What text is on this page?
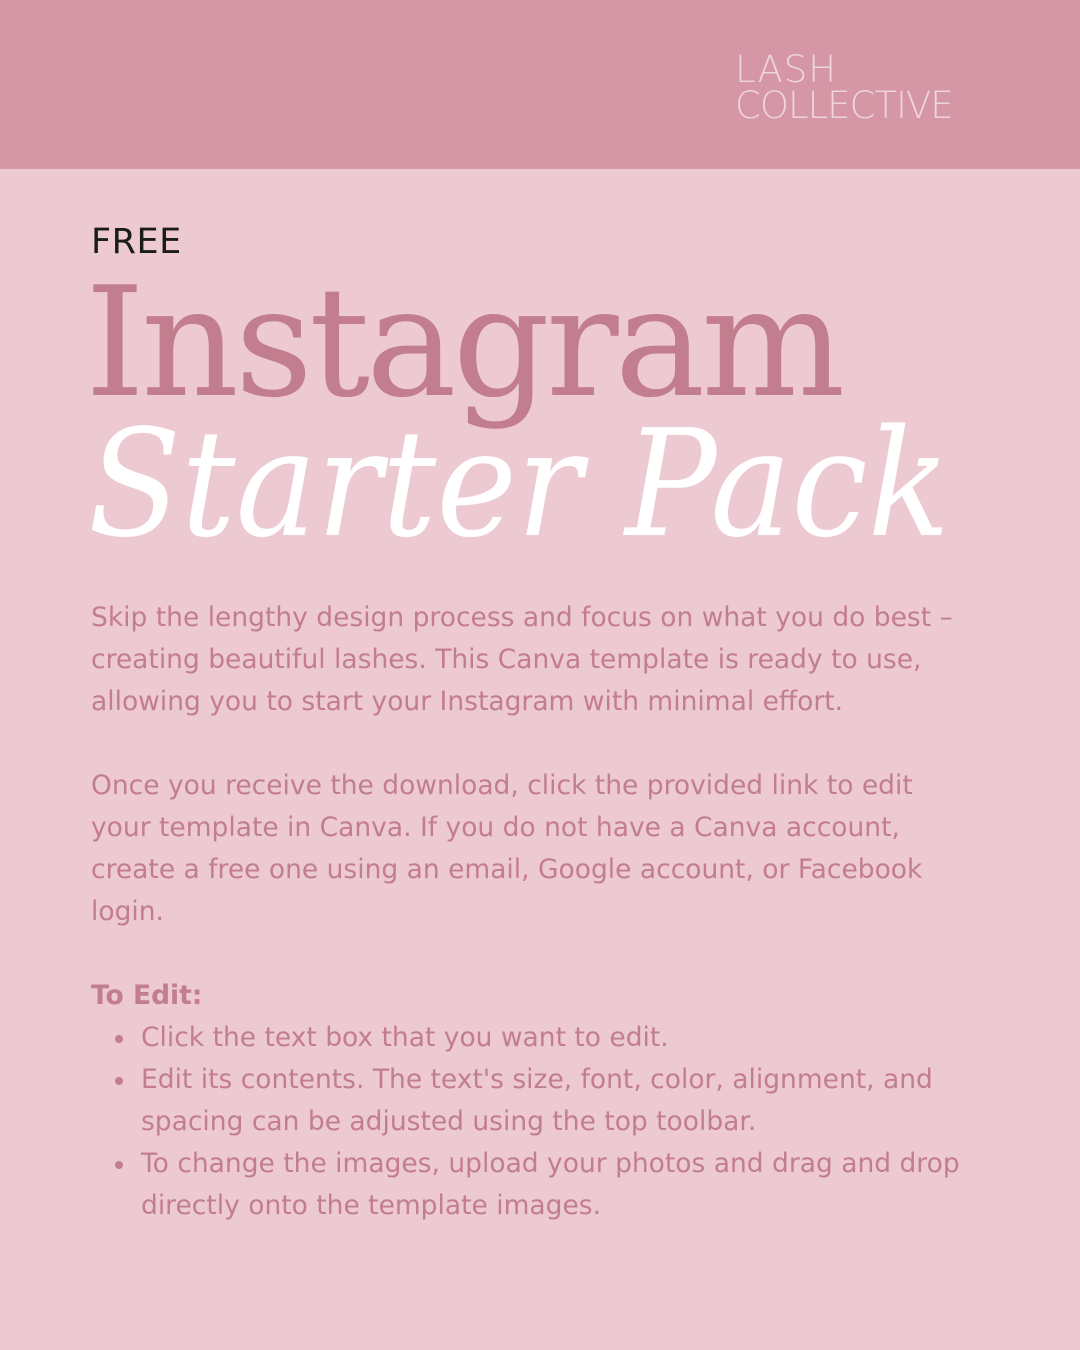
LASH
COLLECTIVE
FREE
Instagram
Starter Pack

Skip the lengthy design process and focus on what you do best – creating beautiful lashes. This Canva template is ready to use, allowing you to start your Instagram with minimal effort.

Once you receive the download, click the provided link to edit your template in Canva. If you do not have a Canva account, create a free one using an email, Google account, or Facebook login.

To Edit:
Click the text box that you want to edit.
Edit its contents. The text's size, font, color, alignment, and spacing can be adjusted using the top toolbar.
To change the images, upload your photos and drag and drop directly onto the template images.
